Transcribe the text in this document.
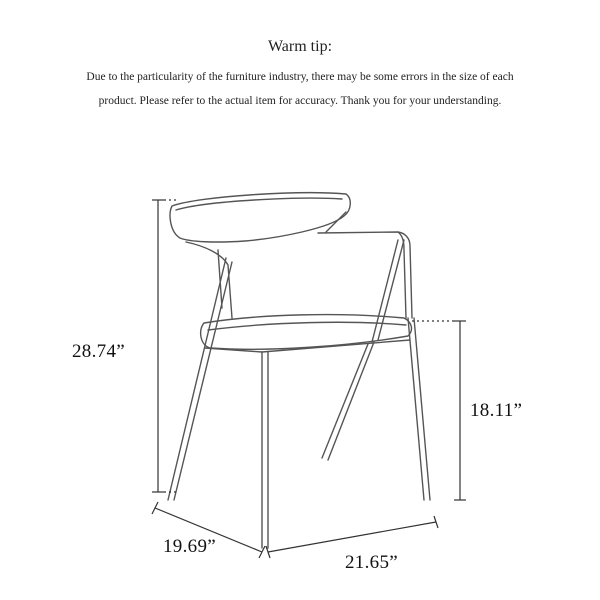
Warm tip:
Due to the particularity of the furniture industry, there may be some errors in the size of each
product. Please refer to the actual item for accuracy. Thank you for your understanding.
28.74”
18.11”
19.69”
21.65”
